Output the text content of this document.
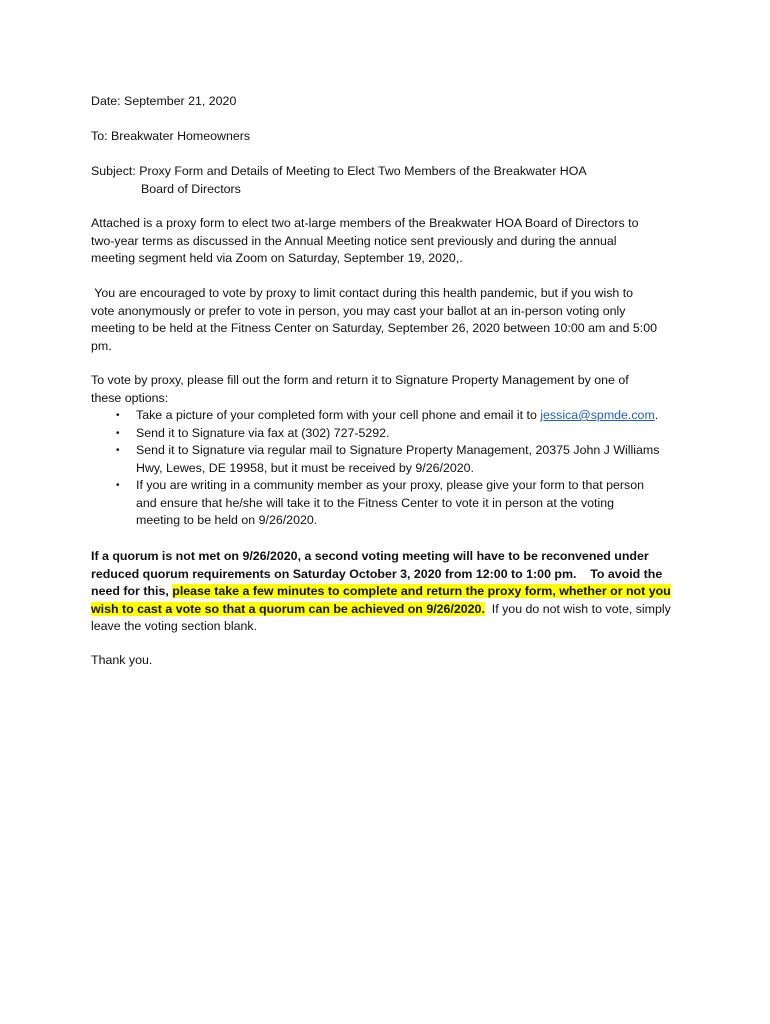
Date: September 21, 2020
To: Breakwater Homeowners
Subject: Proxy Form and Details of Meeting to Elect Two Members of the Breakwater HOA
Board of Directors
Attached is a proxy form to elect two at-large members of the Breakwater HOA Board of Directors to
two-year terms as discussed in the Annual Meeting notice sent previously and during the annual
meeting segment held via Zoom on Saturday, September 19, 2020,.
You are encouraged to vote by proxy to limit contact during this health pandemic, but if you wish to
vote anonymously or prefer to vote in person, you may cast your ballot at an in-person voting only
meeting to be held at the Fitness Center on Saturday, September 26, 2020 between 10:00 am and 5:00
pm.
To vote by proxy, please fill out the form and return it to Signature Property Management by one of
these options:
• Take a picture of your completed form with your cell phone and email it to jessica@spmde.com.
• Send it to Signature via fax at (302) 727-5292.
• Send it to Signature via regular mail to Signature Property Management, 20375 John J Williams
Hwy, Lewes, DE 19958, but it must be received by 9/26/2020.
• If you are writing in a community member as your proxy, please give your form to that person
and ensure that he/she will take it to the Fitness Center to vote it in person at the voting
meeting to be held on 9/26/2020.
If a quorum is not met on 9/26/2020, a second voting meeting will have to be reconvened under
reduced quorum requirements on Saturday October 3, 2020 from 12:00 to 1:00 pm.    To avoid the
need for this, please take a few minutes to complete and return the proxy form, whether or not you
wish to cast a vote so that a quorum can be achieved on 9/26/2020.  If you do not wish to vote, simply
leave the voting section blank.
Thank you.
